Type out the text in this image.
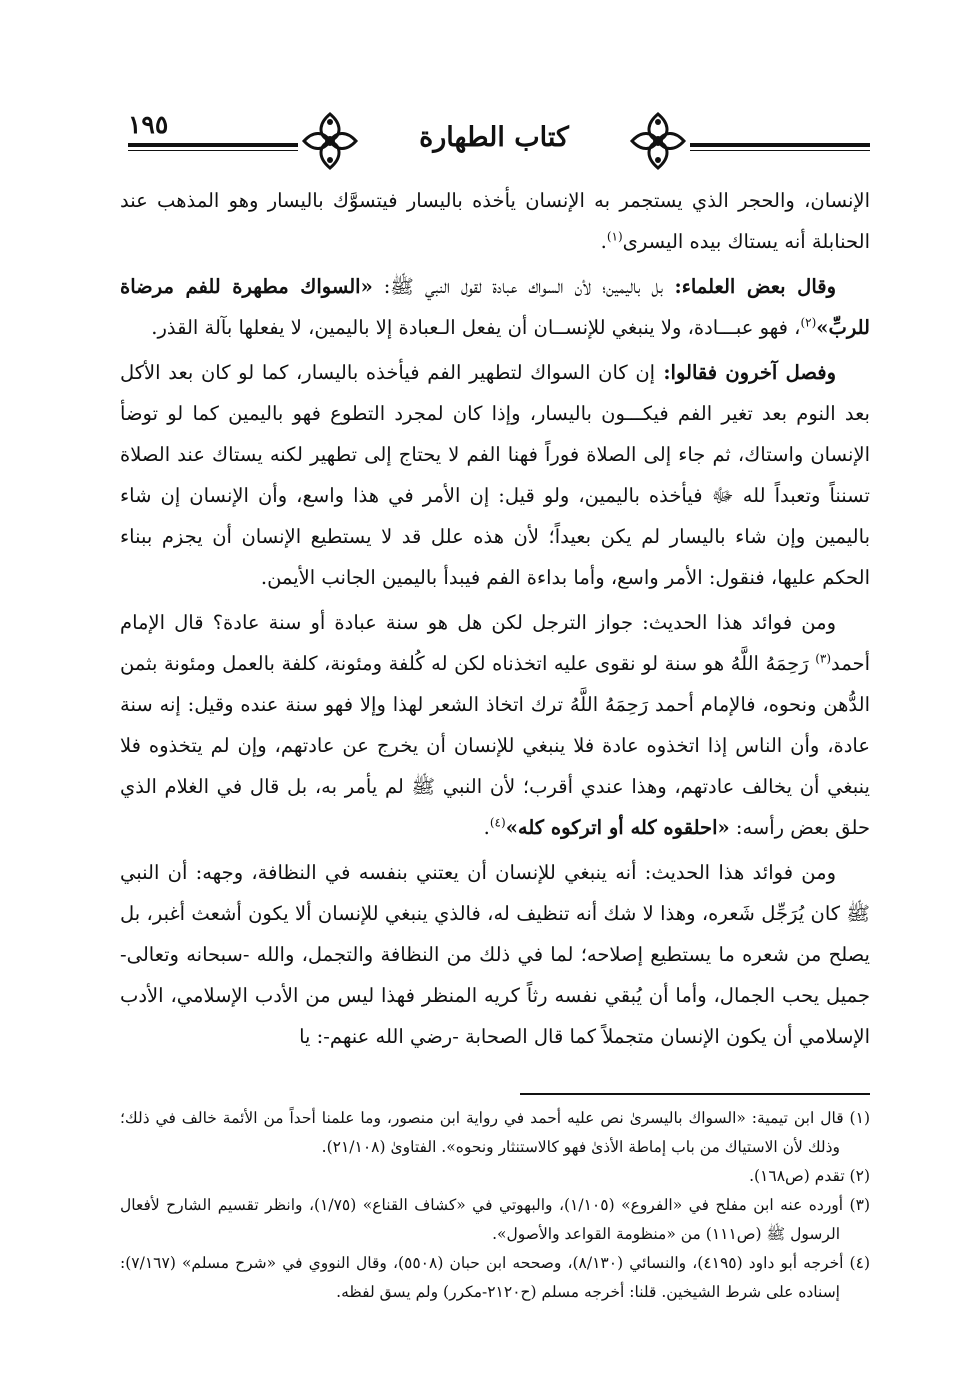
١٩٥	كتاب الطهارة

الإنسان، والحجر الذي يستجمر به الإنسان يأخذه باليسار فيتسوَّك باليسار وهو المذهب عند الحنابلة أنه يستاك بيده اليسرى$^{(١)}$.

وقال بعض العلماء: بل باليمين؛ لأن السواك عبادة لقول النبي ﷺ: «السواك مطهرة للفم مرضاة للربِّ»$^{(٢)}$، فهو عبـــادة، ولا ينبغي للإنســان أن يفعل الـعبادة إلا باليمين، لا يفعلها بآلة القذر.

وفصل آخرون فقالوا: إن كان السواك لتطهير الفم فيأخذه باليسار، كما لو كان بعد الأكل بعد النوم بعد تغير الفم فيكـــون باليسار، وإذا كان لمجرد التطوع فهو باليمين كما لو توضأ الإنسان واستاك، ثم جاء إلى الصلاة فوراً فهنا الفم لا يحتاج إلى تطهير لكنه يستاك عند الصلاة تسنناً وتعبداً لله ﷻ فيأخذه باليمين، ولو قيل: إن الأمر في هذا واسع، وأن الإنسان إن شاء باليمين وإن شاء باليسار لم يكن بعيداً؛ لأن هذه علل قد لا يستطيع الإنسان أن يجزم ببناء الحكم عليها، فنقول: الأمر واسع، وأما بداءة الفم فيبدأ باليمين الجانب الأيمن.

ومن فوائد هذا الحديث: جواز الترجل لكن هل هو سنة عبادة أو سنة عادة؟ قال الإمام أحمد$^{(٣)}$ رَحِمَهُ اللَّهُ هو سنة لو نقوى عليه اتخذناه لكن له كُلفة ومئونة، كلفة بالعمل ومئونة بثمن الدُّهن ونحوه، فالإمام أحمد رَحِمَهُ اللَّهُ ترك اتخاذ الشعر لهذا وإلا فهو سنة عنده وقيل: إنه سنة عادة، وأن الناس إذا اتخذوه عادة فلا ينبغي للإنسان أن يخرج عن عادتهم، وإن لم يتخذوه فلا ينبغي أن يخالف عادتهم، وهذا عندي أقرب؛ لأن النبي ﷺ لم يأمر به، بل قال في الغلام الذي حلق بعض رأسه: «احلقوه كله أو اتركوه كله»$^{(٤)}$.

ومن فوائد هذا الحديث: أنه ينبغي للإنسان أن يعتني بنفسه في النظافة، وجهه: أن النبي ﷺ كان يُرَجِّل شَعره، وهذا لا شك أنه تنظيف له، فالذي ينبغي للإنسان ألا يكون أشعث أغبر، بل يصلح من شعره ما يستطيع إصلاحه؛ لما في ذلك من النظافة والتجمل، والله -سبحانه وتعالى- جميل يحب الجمال، وأما أن يُبقي نفسه رثاً كريه المنظر فهذا ليس من الأدب الإسلامي، الأدب الإسلامي أن يكون الإنسان متجملاً كما قال الصحابة -رضي الله عنهم-: يا

(١) قال ابن تيمية: «السواك باليسرىٰ نص عليه أحمد في رواية ابن منصور، وما علمنا أحداً من الأئمة خالف في ذلك؛ وذلك لأن الاستياك من باب إماطة الأذىٰ فهو كالاستنثار ونحوه». الفتاوىٰ (٢١/١٠٨).

(٢) تقدم (ص١٦٨).

(٣) أورده عنه ابن مفلح في «الفروع» (١/١٠٥)، والبهوتي في «كشاف القناع» (١/٧٥)، وانظر تقسيم الشارح لأفعال الرسول ﷺ (ص١١١) من «منظومة القواعد والأصول».

(٤) أخرجه أبو داود (٤١٩٥)، والنسائي (٨/١٣٠)، وصححه ابن حبان (٥٥٠٨)، وقال النووي في «شرح مسلم» (٧/١٦٧): إسناده على شرط الشيخين. قلنا: أخرجه مسلم (ح٢١٢٠-مكرر) ولم يسق لفظه.
